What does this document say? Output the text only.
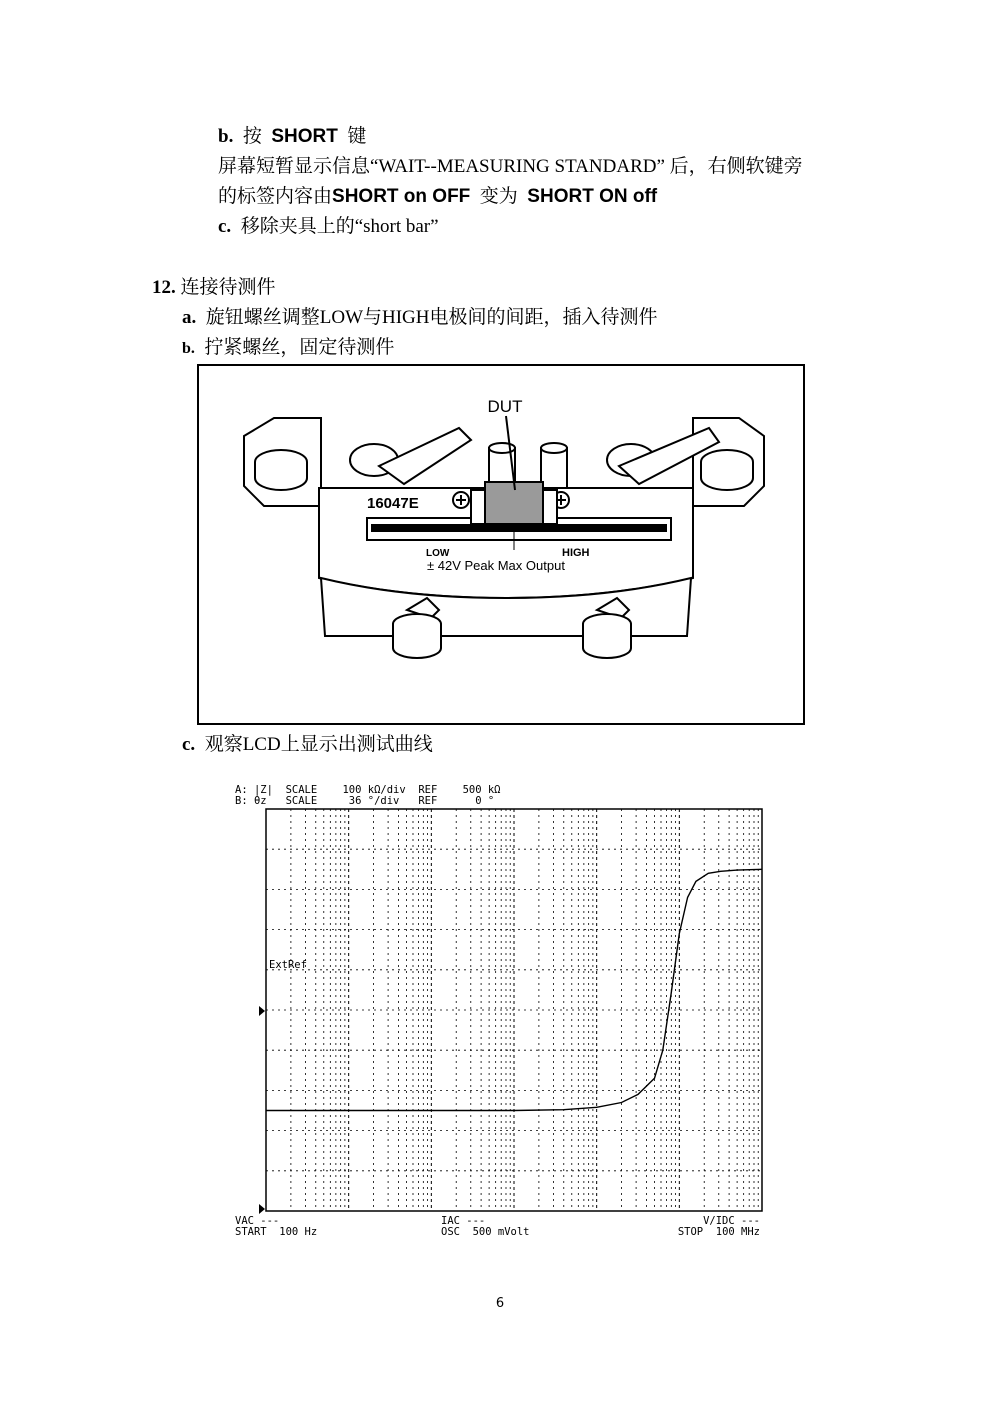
b. 按 SHORT 键
屏幕短暂显示信息“WAIT--MEASURING STANDARD” 后，右侧软键旁
的标签内容由SHORT on OFF 变为 SHORT ON off
c. 移除夹具上的“short bar”
12. 连接待测件
a. 旋钮螺丝调整LOW与HIGH电极间的间距，插入待测件
b. 拧紧螺丝，固定待测件
DUT
16047E
LOW	HIGH
± 42V Peak Max Output
c. 观察LCD上显示出测试曲线
A: |Z|  SCALE    100 kΩ/div  REF    500 kΩ
B: θz   SCALE     36 °/div   REF      0 °
ExtRef
VAC ---
START  100 Hz
IAC ---
OSC  500 mVolt
V/IDC ---
STOP  100 MHz
6
